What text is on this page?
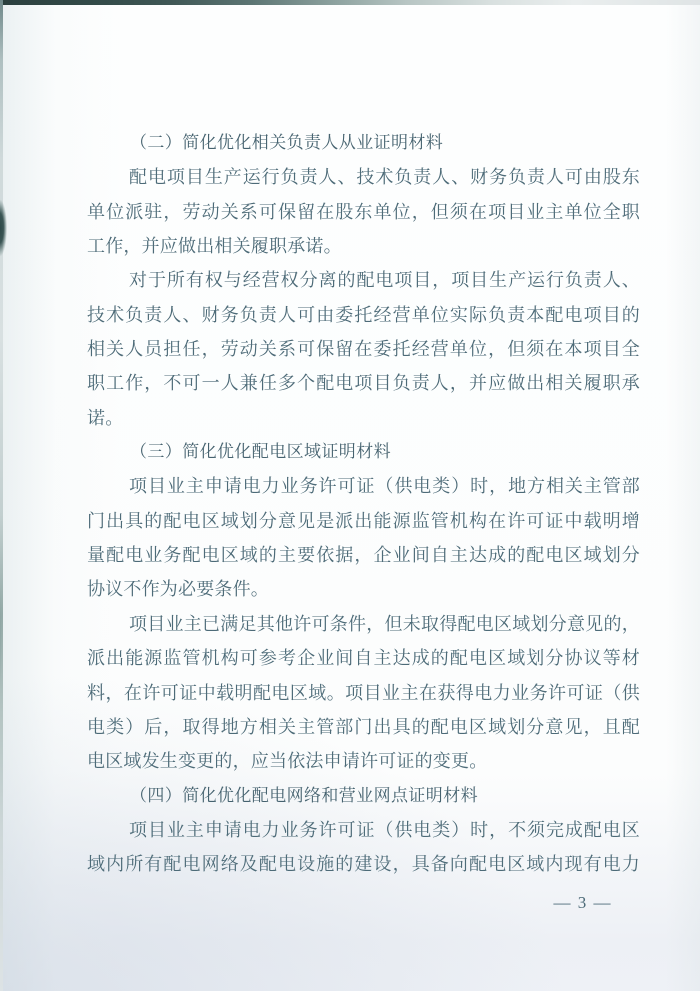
（二）简化优化相关负责人从业证明材料
配电项目生产运行负责人、技术负责人、财务负责人可由股东
单位派驻，劳动关系可保留在股东单位，但须在项目业主单位全职
工作，并应做出相关履职承诺。
对于所有权与经营权分离的配电项目，项目生产运行负责人、
技术负责人、财务负责人可由委托经营单位实际负责本配电项目的
相关人员担任，劳动关系可保留在委托经营单位，但须在本项目全
职工作，不可一人兼任多个配电项目负责人，并应做出相关履职承
诺。
（三）简化优化配电区域证明材料
项目业主申请电力业务许可证（供电类）时，地方相关主管部
门出具的配电区域划分意见是派出能源监管机构在许可证中载明增
量配电业务配电区域的主要依据，企业间自主达成的配电区域划分
协议不作为必要条件。
项目业主已满足其他许可条件，但未取得配电区域划分意见的，
派出能源监管机构可参考企业间自主达成的配电区域划分协议等材
料，在许可证中载明配电区域。项目业主在获得电力业务许可证（供
电类）后，取得地方相关主管部门出具的配电区域划分意见，且配
电区域发生变更的，应当依法申请许可证的变更。
（四）简化优化配电网络和营业网点证明材料
项目业主申请电力业务许可证（供电类）时，不须完成配电区
域内所有配电网络及配电设施的建设，具备向配电区域内现有电力
— 3 —
